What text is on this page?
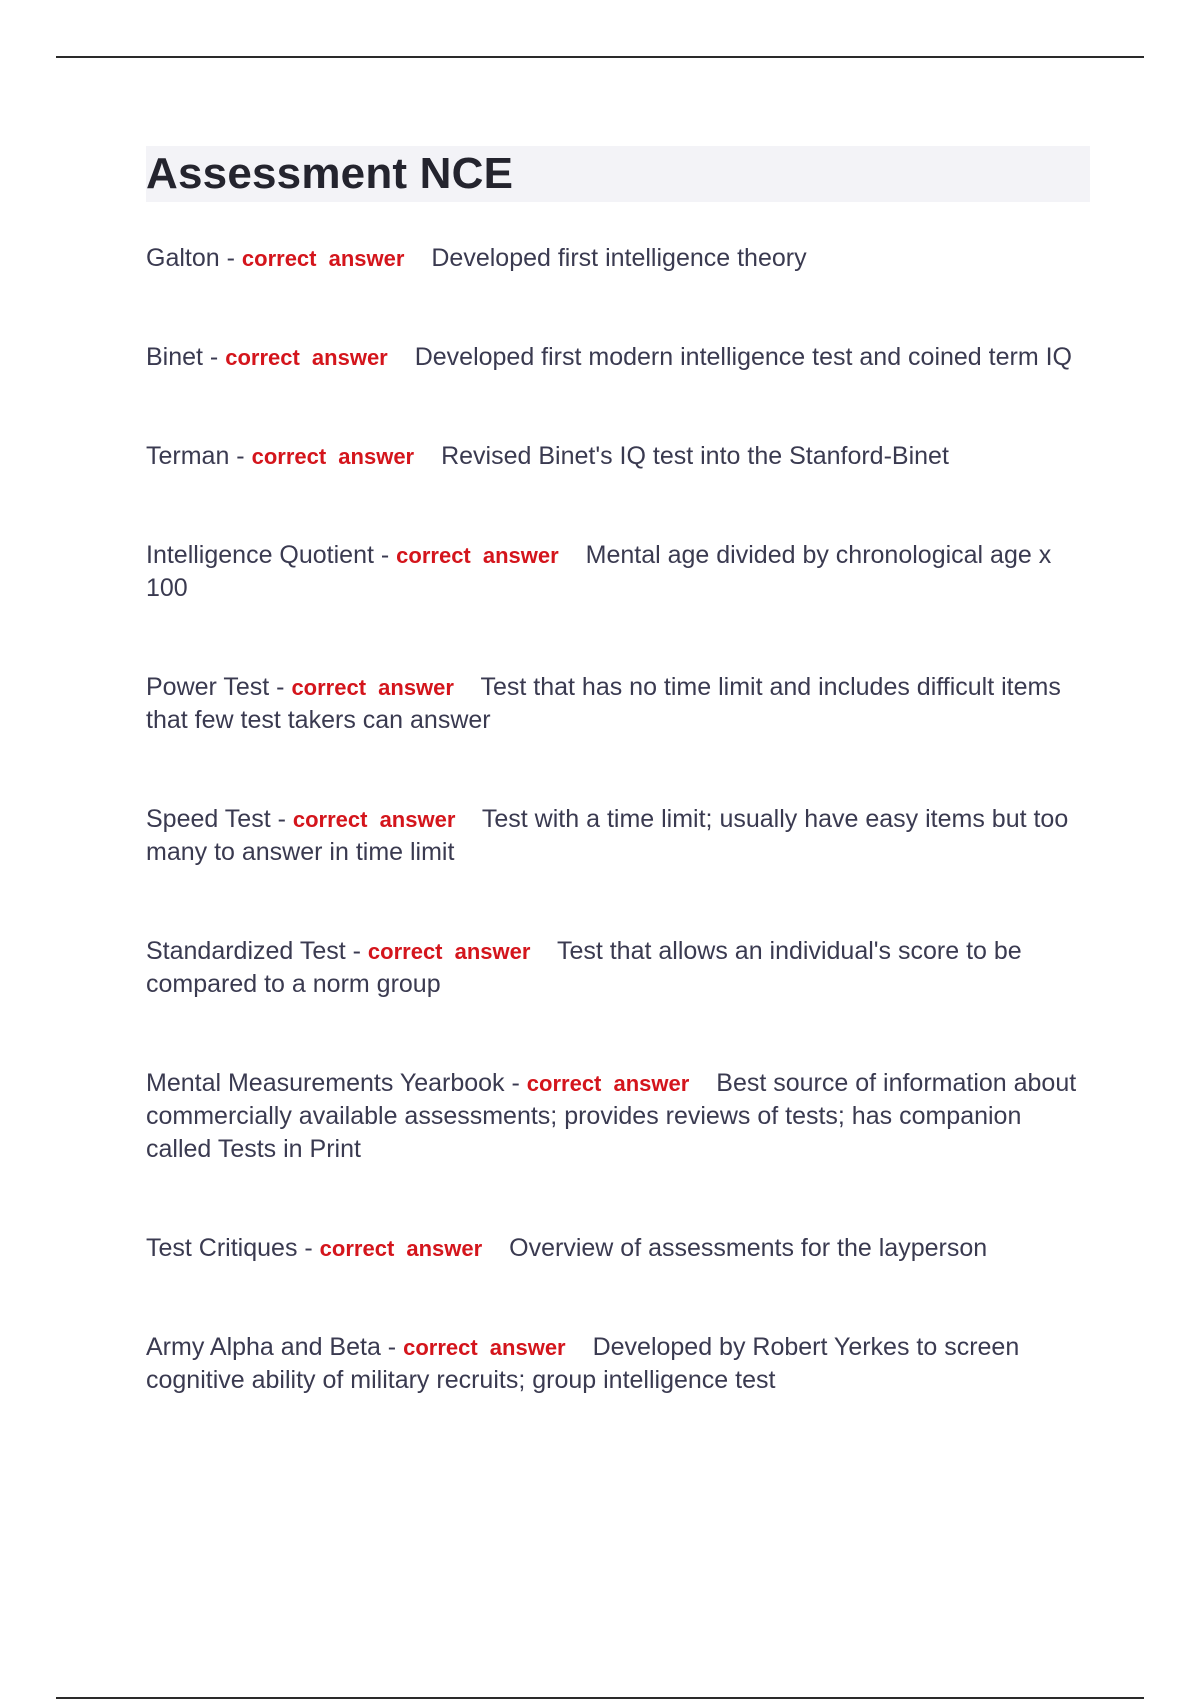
Assessment NCE
Galton - correct answer Developed first intelligence theory
Binet - correct answer Developed first modern intelligence test and coined term IQ
Terman - correct answer Revised Binet's IQ test into the Stanford-Binet
Intelligence Quotient - correct answer Mental age divided by chronological age x 100
Power Test - correct answer Test that has no time limit and includes difficult items that few test takers can answer
Speed Test - correct answer Test with a time limit; usually have easy items but too many to answer in time limit
Standardized Test - correct answer Test that allows an individual's score to be compared to a norm group
Mental Measurements Yearbook - correct answer Best source of information about commercially available assessments; provides reviews of tests; has companion called Tests in Print
Test Critiques - correct answer Overview of assessments for the layperson
Army Alpha and Beta - correct answer Developed by Robert Yerkes to screen cognitive ability of military recruits; group intelligence test
